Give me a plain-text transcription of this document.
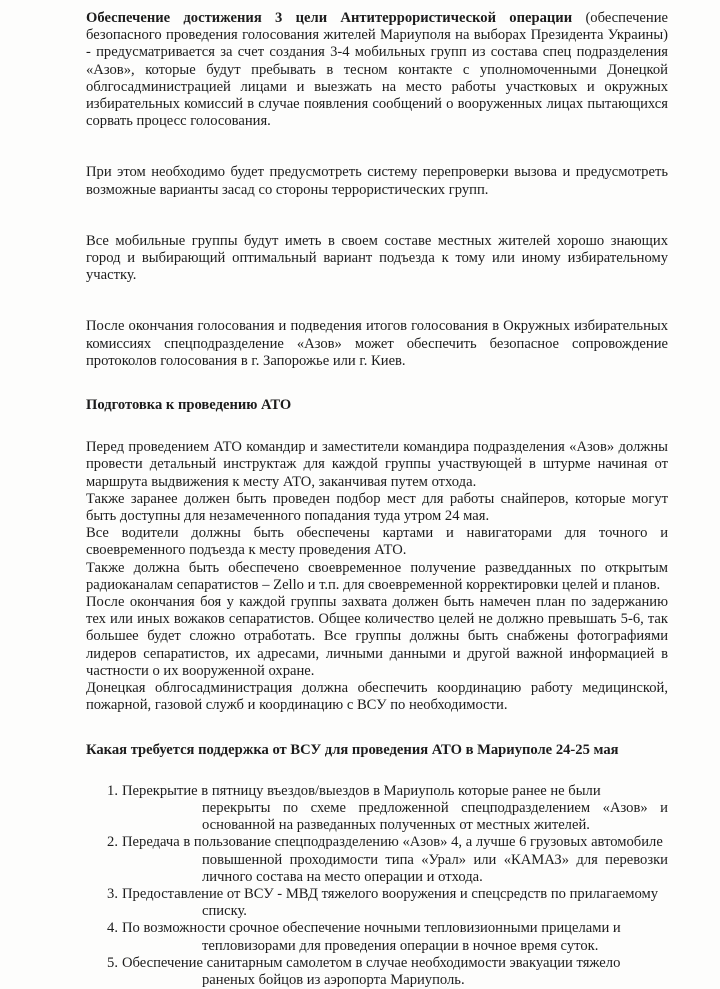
Обеспечение достижения 3 цели Антитеррористической операции (обеспечение безопасного проведения голосования жителей Мариуполя на выборах Президента Украины) - предусматривается за счет создания 3-4 мобильных групп из состава спец подразделения «Азов», которые будут пребывать в тесном контакте с уполномоченными Донецкой облгосадминистрацией лицами и выезжать на место работы участковых и окружных избирательных комиссий в случае появления сообщений о вооруженных лицах пытающихся сорвать процесс голосования.

При этом необходимо будет предусмотреть систему перепроверки вызова и предусмотреть возможные варианты засад со стороны террористических групп.

Все мобильные группы будут иметь в своем составе местных жителей хорошо знающих город и выбирающий оптимальный вариант подъезда к тому или иному избирательному участку.

После окончания голосования и подведения итогов голосования в Окружных избирательных комиссиях спецподразделение «Азов» может обеспечить безопасное сопровождение протоколов голосования в г. Запорожье или г. Киев.

Подготовка к проведению АТО

Перед проведением АТО командир и заместители командира подразделения «Азов» должны провести детальный инструктаж для каждой группы участвующей в штурме начиная от маршрута выдвижения к месту АТО, заканчивая путем отхода.

Также заранее должен быть проведен подбор мест для работы снайперов, которые могут быть доступны для незамеченного попадания туда утром 24 мая.

Все водители должны быть обеспечены картами и навигаторами для точного и своевременного подъезда к месту проведения АТО.

Также должна быть обеспечено своевременное получение разведданных по открытым радиоканалам сепаратистов – Zello и т.п. для своевременной корректировки целей и планов.

После окончания боя у каждой группы захвата должен быть намечен план по задержанию тех или иных вожаков сепаратистов. Общее количество целей не должно превышать 5-6, так большее будет сложно отработать. Все группы должны быть снабжены фотографиями лидеров сепаратистов, их адресами, личными данными и другой важной информацией в частности о их вооруженной охране.

Донецкая облгосадминистрация должна обеспечить координацию работу медицинской, пожарной, газовой служб и координацию с ВСУ по необходимости.

Какая требуется поддержка от ВСУ для проведения АТО в Мариуполе 24-25 мая

1. Перекрытие в пятницу въездов/выездов в Мариуполь которые ранее не были
перекрыты по схеме предложенной спецподразделением «Азов» и основанной на разведанных полученных от местных жителей.
2. Передача в пользование спецподразделению «Азов» 4, а лучше 6 грузовых автомобиле
повышенной проходимости типа «Урал» или «КАМАЗ» для перевозки личного состава на место операции и отхода.
3. Предоставление от ВСУ - МВД тяжелого вооружения и спецсредств по прилагаемому
списку.
4. По возможности срочное обеспечение ночными тепловизионными прицелами и
тепловизорами для проведения операции в ночное время суток.
5. Обеспечение санитарным самолетом в случае необходимости эвакуации тяжело
раненых бойцов из аэропорта Мариуполь.
